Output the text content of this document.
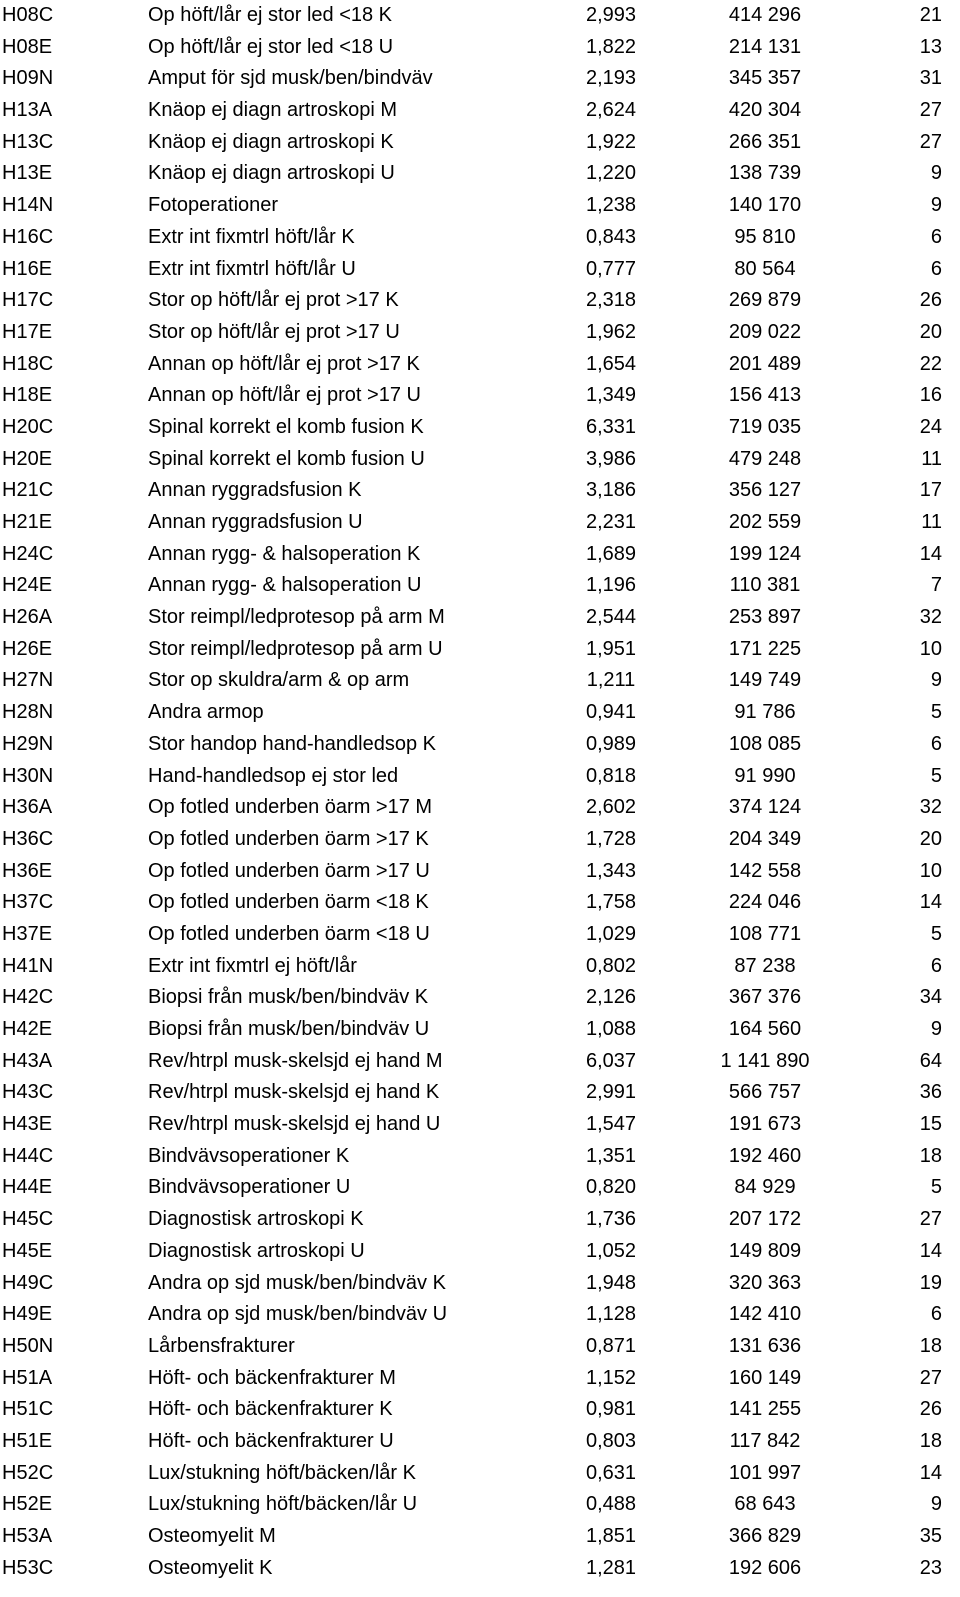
H08C	Op höft/lår ej stor led <18 K	2,993	414 296	21
H08E	Op höft/lår ej stor led <18 U	1,822	214 131	13
H09N	Amput för sjd musk/ben/bindväv	2,193	345 357	31
H13A	Knäop ej diagn artroskopi M	2,624	420 304	27
H13C	Knäop ej diagn artroskopi K	1,922	266 351	27
H13E	Knäop ej diagn artroskopi U	1,220	138 739	9
H14N	Fotoperationer	1,238	140 170	9
H16C	Extr int fixmtrl höft/lår K	0,843	95 810	6
H16E	Extr int fixmtrl höft/lår U	0,777	80 564	6
H17C	Stor op höft/lår ej prot >17 K	2,318	269 879	26
H17E	Stor op höft/lår ej prot >17 U	1,962	209 022	20
H18C	Annan op höft/lår ej prot >17 K	1,654	201 489	22
H18E	Annan op höft/lår ej prot >17 U	1,349	156 413	16
H20C	Spinal korrekt el komb fusion K	6,331	719 035	24
H20E	Spinal korrekt el komb fusion U	3,986	479 248	11
H21C	Annan ryggradsfusion K	3,186	356 127	17
H21E	Annan ryggradsfusion U	2,231	202 559	11
H24C	Annan rygg- & halsoperation K	1,689	199 124	14
H24E	Annan rygg- & halsoperation U	1,196	110 381	7
H26A	Stor reimpl/ledprotesop på arm M	2,544	253 897	32
H26E	Stor reimpl/ledprotesop på arm U	1,951	171 225	10
H27N	Stor op skuldra/arm & op arm	1,211	149 749	9
H28N	Andra armop	0,941	91 786	5
H29N	Stor handop hand-handledsop K	0,989	108 085	6
H30N	Hand-handledsop ej stor led	0,818	91 990	5
H36A	Op fotled underben öarm >17 M	2,602	374 124	32
H36C	Op fotled underben öarm >17 K	1,728	204 349	20
H36E	Op fotled underben öarm >17 U	1,343	142 558	10
H37C	Op fotled underben öarm <18 K	1,758	224 046	14
H37E	Op fotled underben öarm <18 U	1,029	108 771	5
H41N	Extr int fixmtrl ej höft/lår	0,802	87 238	6
H42C	Biopsi från musk/ben/bindväv K	2,126	367 376	34
H42E	Biopsi från musk/ben/bindväv U	1,088	164 560	9
H43A	Rev/htrpl musk-skelsjd ej hand M	6,037	1 141 890	64
H43C	Rev/htrpl musk-skelsjd ej hand K	2,991	566 757	36
H43E	Rev/htrpl musk-skelsjd ej hand U	1,547	191 673	15
H44C	Bindvävsoperationer K	1,351	192 460	18
H44E	Bindvävsoperationer U	0,820	84 929	5
H45C	Diagnostisk artroskopi K	1,736	207 172	27
H45E	Diagnostisk artroskopi U	1,052	149 809	14
H49C	Andra op sjd musk/ben/bindväv K	1,948	320 363	19
H49E	Andra op sjd musk/ben/bindväv U	1,128	142 410	6
H50N	Lårbensfrakturer	0,871	131 636	18
H51A	Höft- och bäckenfrakturer M	1,152	160 149	27
H51C	Höft- och bäckenfrakturer K	0,981	141 255	26
H51E	Höft- och bäckenfrakturer U	0,803	117 842	18
H52C	Lux/stukning höft/bäcken/lår K	0,631	101 997	14
H52E	Lux/stukning höft/bäcken/lår U	0,488	68 643	9
H53A	Osteomyelit M	1,851	366 829	35
H53C	Osteomyelit K	1,281	192 606	23
